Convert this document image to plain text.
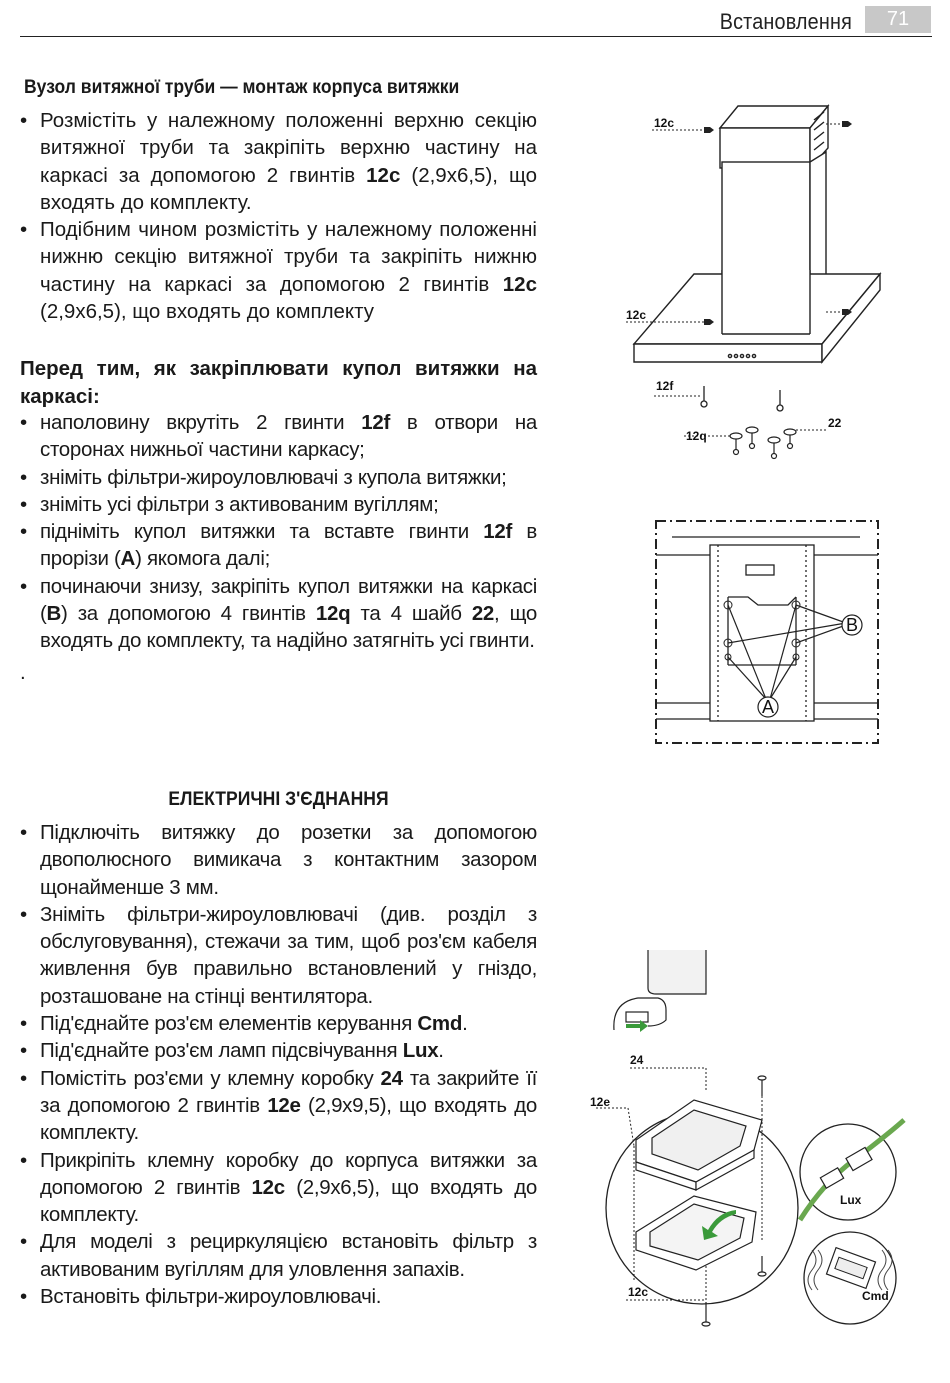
Встановлення	71
Вузол витяжної труби — монтаж корпуса витяжки
• Розмістіть у належному положенні верхню секцію витяжної труби та закріпіть верхню частину на каркасі за допомогою 2 гвинтів 12c (2,9x6,5), що входять до комплекту.
• Подібним чином розмістіть у належному положенні нижню секцію витяжної труби та закріпіть нижню частину на каркасі за допомогою 2 гвинтів 12c (2,9x6,5), що входять до комплекту
Перед тим, як закріплювати купол витяжки на каркасі:
• наполовину вкрутіть 2 гвинти 12f в отвори на сторонах нижньої частини каркасу;
• зніміть фільтри-жироуловлювачі з купола витяжки;
• зніміть усі фільтри з активованим вугіллям;
• підніміть купол витяжки та вставте гвинти 12f в прорізи (A) якомога далі;
• починаючи знизу, закріпіть купол витяжки на каркасі (B) за допомогою 4 гвинтів 12q та 4 шайб 22, що входять до комплекту, та надійно затягніть усі гвинти.
.
ЕЛЕКТРИЧНІ З'ЄДНАННЯ
• Підключіть витяжку до розетки за допомогою двополюсного вимикача з контактним зазором щонайменше 3 мм.
• Зніміть фільтри-жироуловлювачі (див. розділ з обслуговування), стежачи за тим, щоб роз'єм кабеля живлення був правильно встановлений у гніздо, розташоване на стінці вентилятора.
• Під'єднайте роз'єм елементів керування Cmd.
• Під'єднайте роз'єм ламп підсвічування Lux.
• Помістіть роз'єми у клемну коробку 24 та закрийте її за допомогою 2 гвинтів 12e (2,9x9,5), що входять до комплекту.
• Прикріпіть клемну коробку до корпуса витяжки за допомогою 2 гвинтів 12c (2,9x6,5), що входять до комплекту.
• Для моделі з рециркуляцією встановіть фільтр з активованим вугіллям для уловлення запахів.
• Встановіть фільтри-жироуловлювачі.
12c
12c
12f
12q
22
B
A
Lux
Cmd
24
12e
12c
